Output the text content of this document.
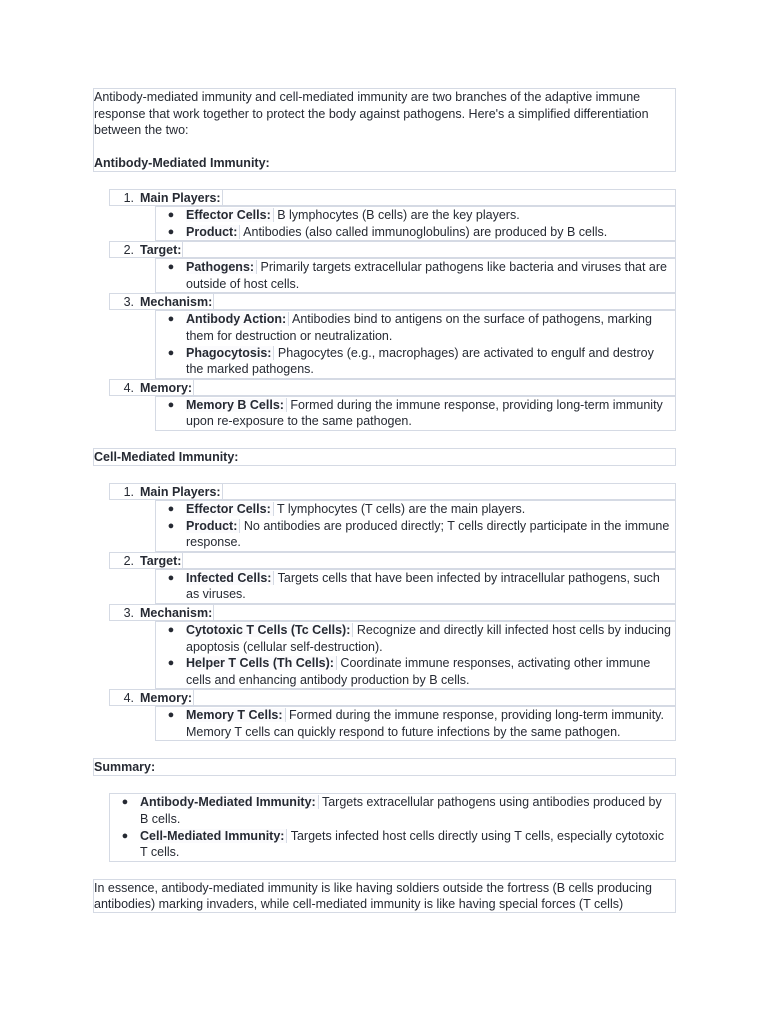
Antibody-mediated immunity and cell-mediated immunity are two branches of the adaptive immune response that work together to protect the body against pathogens. Here's a simplified differentiation between the two:

Antibody-Mediated Immunity:

1. Main Players:
● Effector Cells: B lymphocytes (B cells) are the key players.
● Product: Antibodies (also called immunoglobulins) are produced by B cells.
2. Target:
● Pathogens: Primarily targets extracellular pathogens like bacteria and viruses that are outside of host cells.
3. Mechanism:
● Antibody Action: Antibodies bind to antigens on the surface of pathogens, marking them for destruction or neutralization.
● Phagocytosis: Phagocytes (e.g., macrophages) are activated to engulf and destroy the marked pathogens.
4. Memory:
● Memory B Cells: Formed during the immune response, providing long-term immunity upon re-exposure to the same pathogen.
Cell-Mediated Immunity:
1. Main Players:
● Effector Cells: T lymphocytes (T cells) are the main players.
● Product: No antibodies are produced directly; T cells directly participate in the immune response.
2. Target:
● Infected Cells: Targets cells that have been infected by intracellular pathogens, such as viruses.
3. Mechanism:
● Cytotoxic T Cells (Tc Cells): Recognize and directly kill infected host cells by inducing apoptosis (cellular self-destruction).
● Helper T Cells (Th Cells): Coordinate immune responses, activating other immune cells and enhancing antibody production by B cells.
4. Memory:
● Memory T Cells: Formed during the immune response, providing long-term immunity. Memory T cells can quickly respond to future infections by the same pathogen.
Summary:
● Antibody-Mediated Immunity: Targets extracellular pathogens using antibodies produced by B cells.
● Cell-Mediated Immunity: Targets infected host cells directly using T cells, especially cytotoxic T cells.
In essence, antibody-mediated immunity is like having soldiers outside the fortress (B cells producing antibodies) marking invaders, while cell-mediated immunity is like having special forces (T cells)
